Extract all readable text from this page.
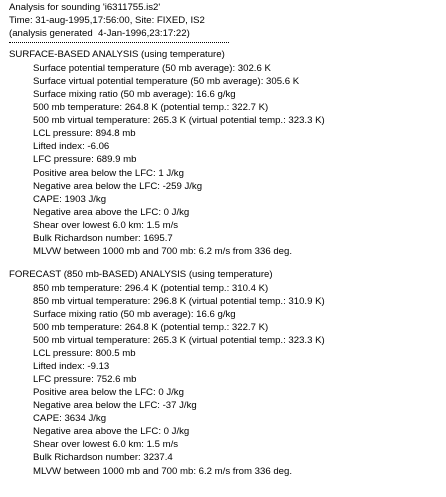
Analysis for sounding 'i6311755.is2'
Time: 31-aug-1995,17:56:00, Site: FIXED, IS2
(analysis generated  4-Jan-1996,23:17:22)
SURFACE-BASED ANALYSIS (using temperature)
Surface potential temperature (50 mb average): 302.6 K
Surface virtual potential temperature (50 mb average): 305.6 K
Surface mixing ratio (50 mb average): 16.6 g/kg
500 mb temperature: 264.8 K (potential temp.: 322.7 K)
500 mb virtual temperature: 265.3 K (virtual potential temp.: 323.3 K)
LCL pressure: 894.8 mb
Lifted index: -6.06
LFC pressure: 689.9 mb
Positive area below the LFC: 1 J/kg
Negative area below the LFC: -259 J/kg
CAPE: 1903 J/kg
Negative area above the LFC: 0 J/kg
Shear over lowest 6.0 km: 1.5 m/s
Bulk Richardson number: 1695.7
MLVW between 1000 mb and 700 mb: 6.2 m/s from 336 deg.
FORECAST (850 mb-BASED) ANALYSIS (using temperature)
850 mb temperature: 296.4 K (potential temp.: 310.4 K)
850 mb virtual temperature: 296.8 K (virtual potential temp.: 310.9 K)
Surface mixing ratio (50 mb average): 16.6 g/kg
500 mb temperature: 264.8 K (potential temp.: 322.7 K)
500 mb virtual temperature: 265.3 K (virtual potential temp.: 323.3 K)
LCL pressure: 800.5 mb
Lifted index: -9.13
LFC pressure: 752.6 mb
Positive area below the LFC: 0 J/kg
Negative area below the LFC: -37 J/kg
CAPE: 3634 J/kg
Negative area above the LFC: 0 J/kg
Shear over lowest 6.0 km: 1.5 m/s
Bulk Richardson number: 3237.4
MLVW between 1000 mb and 700 mb: 6.2 m/s from 336 deg.
